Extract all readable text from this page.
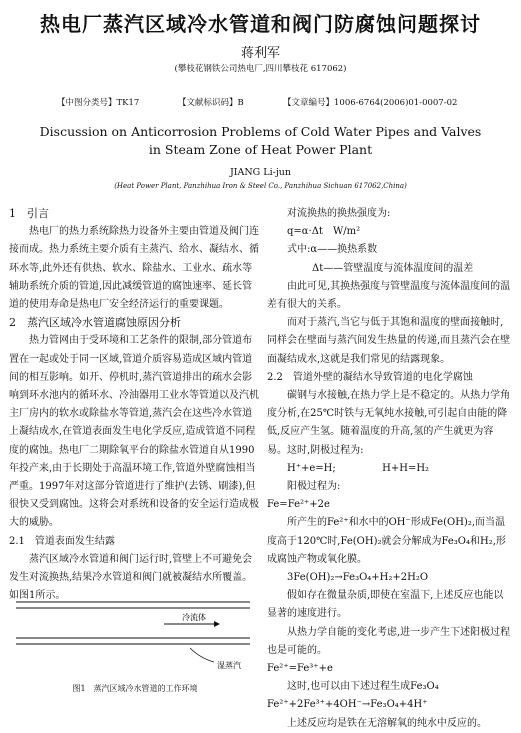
热电厂蒸汽区域冷水管道和阀门防腐蚀问题探讨
蒋利军
(攀枝花钢铁公司热电厂,四川攀枝花 617062)
【中图分类号】TK17	【文献标识码】B	【文章编号】1006-6764(2006)01-0007-02
Discussion on Anticorrosion Problems of Cold Water Pipes and Valves
in Steam Zone of Heat Power Plant
JIANG Li-jun
(Heat Power Plant, Panzhihua Iron & Steel Co., Panzhihua Sichuan 617062,China)

1　引言

热电厂的热力系统除热力设备外主要由管道及阀门连接而成。热力系统主要介质有主蒸汽、给水、凝结水、循环水等,此外还有供热、软水、除盐水、工业水、疏水等辅助系统介质的管道,因此减缓管道的腐蚀速率、延长管道的使用寿命是热电厂安全经济运行的重要课题。

2　蒸汽区域冷水管道腐蚀原因分析

热力管网由于受环境和工艺条件的限制,部分管道布置在一起或处于同一区域,管道介质容易造成区域内管道间的相互影响。如开、停机时,蒸汽管道排出的疏水会影响到环水池内的循环水、冷油器用工业水等管道以及汽机主厂房内的软水或除盐水等管道,蒸汽会在这些冷水管道上凝结成水,在管道表面发生电化学反应,造成管道不同程度的腐蚀。热电厂二期除氧平台的除盐水管道自从1990年投产来,由于长期处于高温环境工作,管道外壁腐蚀相当严重。1997年对这部分管道进行了维护(去锈、刷漆),但很快又受到腐蚀。这将会对系统和设备的安全运行造成极大的威胁。

2.1　管道表面发生结露

蒸汽区域冷水管道和阀门运行时,管壁上不可避免会发生对流换热,结果冷水管道和阀门就被凝结水所覆盖。如图1所示。

冷流体
湿蒸汽
图1　蒸汽区域冷水管道的工作环境

对流换热的换热强度为:

q=α·Δt　W/m²

式中:α——换热系数

Δt——管壁温度与流体温度间的温差

由此可见,其换热强度与管壁温度与流体温度间的温差有很大的关系。

而对于蒸汽,当它与低于其饱和温度的壁面接触时,同样会在壁面与蒸汽间发生热量的传递,而且蒸汽会在壁面凝结成水,这就是我们常见的结露现象。

2.2　管道外壁的凝结水导致管道的电化学腐蚀

碳钢与水接触,在热力学上是不稳定的。从热力学角度分析,在25℃时铁与无氧纯水接触,可引起自由能的降低,反应产生氢。随着温度的升高,氢的产生就更为容易。这时,阴极过程为:

H⁺+e=H;	H+H=H₂

阳极过程为:

Fe=Fe²⁺+2e

所产生的Fe²⁺和水中的OH⁻形成Fe(OH)₂,而当温度高于120℃时,Fe(OH)₂就会分解成为Fe₃O₄和H₂,形成腐蚀产物或氧化膜。

3Fe(OH)₂→Fe₃O₄+H₂+2H₂O

假如存在微量杂质,即使在室温下,上述反应也能以显著的速度进行。

从热力学自能的变化考虑,进一步产生下述阳极过程也是可能的。

Fe²⁺=Fe³⁺+e

这时,也可以由下述过程生成Fe₃O₄

Fe²⁺+2Fe³⁺+4OH⁻→Fe₃O₄+4H⁺

上述反应均是铁在无溶解氧的纯水中反应的。
